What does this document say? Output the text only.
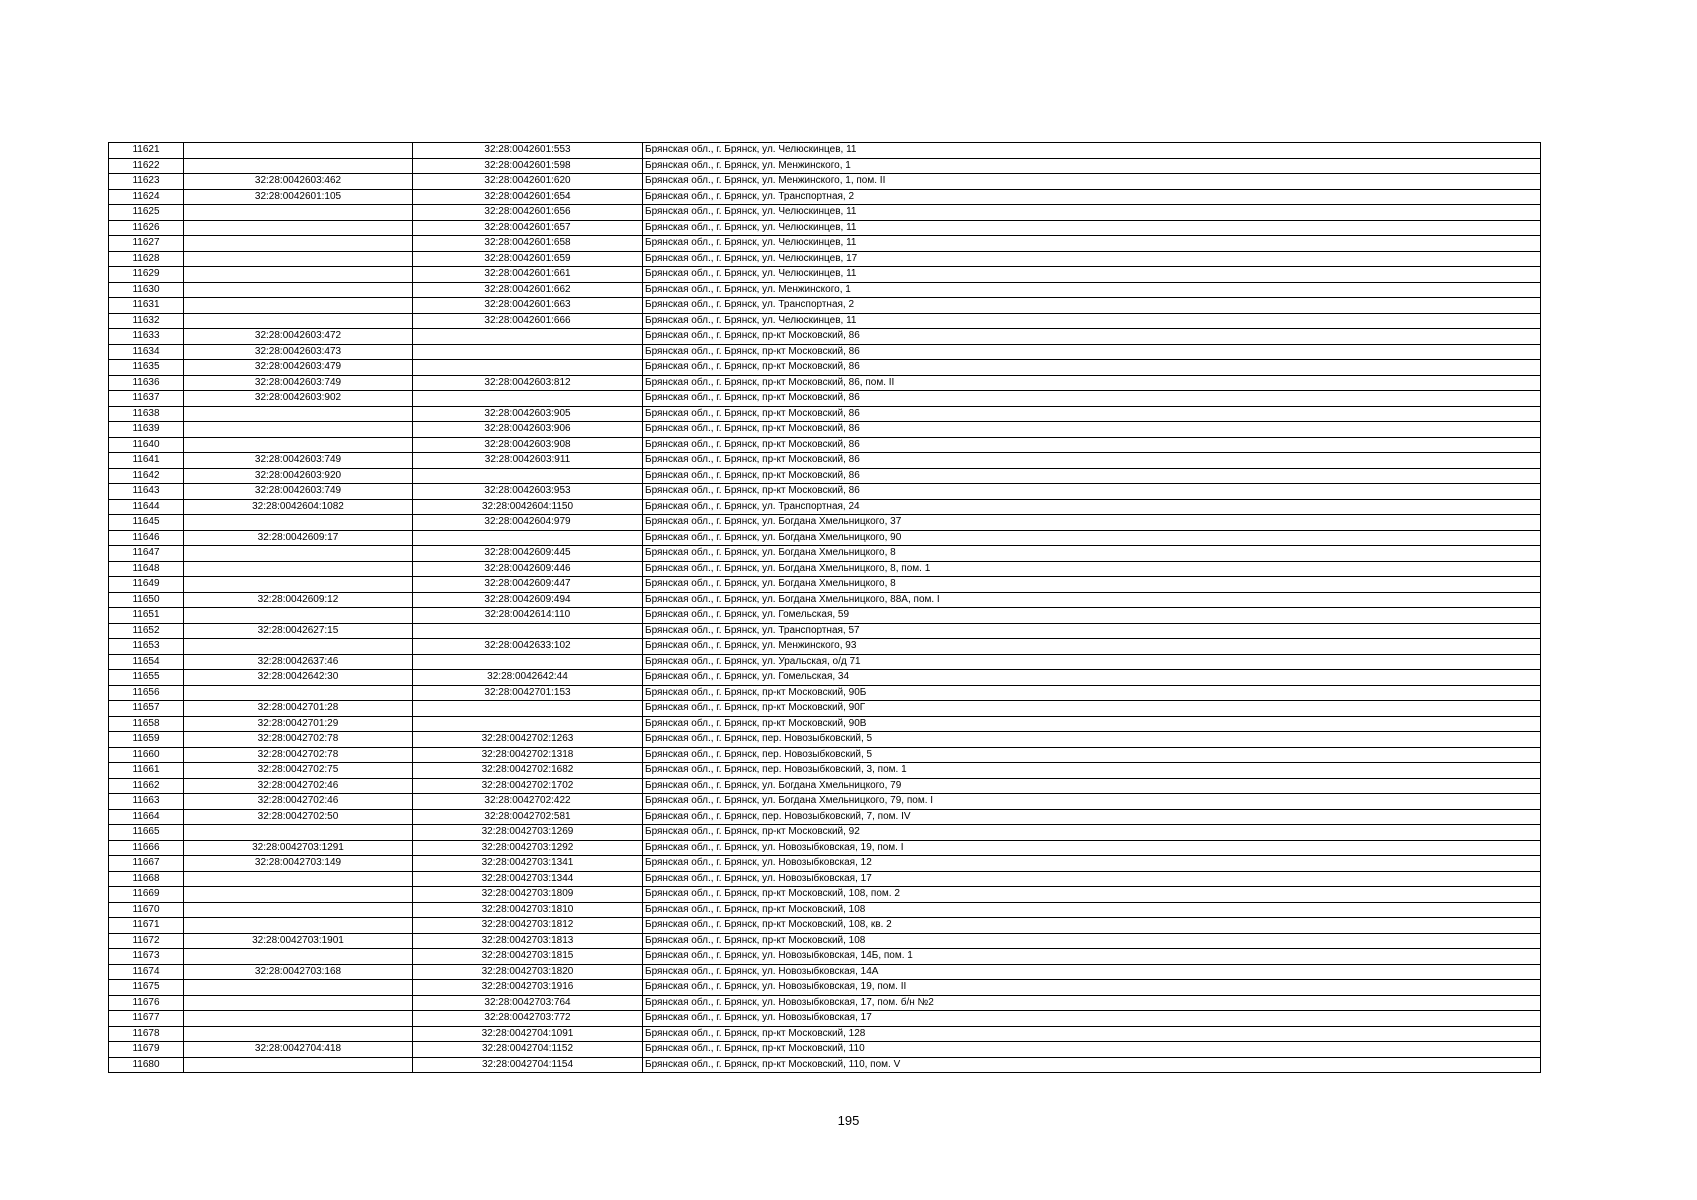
11621		32:28:0042601:553	Брянская обл., г. Брянск, ул. Челюскинцев, 11
11622		32:28:0042601:598	Брянская обл., г. Брянск, ул. Менжинского, 1
11623	32:28:0042603:462	32:28:0042601:620	Брянская обл., г. Брянск, ул. Менжинского, 1, пом. II
11624	32:28:0042601:105	32:28:0042601:654	Брянская обл., г. Брянск, ул. Транспортная, 2
11625		32:28:0042601:656	Брянская обл., г. Брянск, ул. Челюскинцев, 11
11626		32:28:0042601:657	Брянская обл., г. Брянск, ул. Челюскинцев, 11
11627		32:28:0042601:658	Брянская обл., г. Брянск, ул. Челюскинцев, 11
11628		32:28:0042601:659	Брянская обл., г. Брянск, ул. Челюскинцев, 17
11629		32:28:0042601:661	Брянская обл., г. Брянск, ул. Челюскинцев, 11
11630		32:28:0042601:662	Брянская обл., г. Брянск, ул. Менжинского, 1
11631		32:28:0042601:663	Брянская обл., г. Брянск, ул. Транспортная, 2
11632		32:28:0042601:666	Брянская обл., г. Брянск, ул. Челюскинцев, 11
11633	32:28:0042603:472		Брянская обл., г. Брянск, пр-кт Московский, 86
11634	32:28:0042603:473		Брянская обл., г. Брянск, пр-кт Московский, 86
11635	32:28:0042603:479		Брянская обл., г. Брянск, пр-кт Московский, 86
11636	32:28:0042603:749	32:28:0042603:812	Брянская обл., г. Брянск, пр-кт Московский, 86, пом. II
11637	32:28:0042603:902		Брянская обл., г. Брянск, пр-кт Московский, 86
11638		32:28:0042603:905	Брянская обл., г. Брянск, пр-кт Московский, 86
11639		32:28:0042603:906	Брянская обл., г. Брянск, пр-кт Московский, 86
11640		32:28:0042603:908	Брянская обл., г. Брянск, пр-кт Московский, 86
11641	32:28:0042603:749	32:28:0042603:911	Брянская обл., г. Брянск, пр-кт Московский, 86
11642	32:28:0042603:920		Брянская обл., г. Брянск, пр-кт Московский, 86
11643	32:28:0042603:749	32:28:0042603:953	Брянская обл., г. Брянск, пр-кт Московский, 86
11644	32:28:0042604:1082	32:28:0042604:1150	Брянская обл., г. Брянск, ул. Транспортная, 24
11645		32:28:0042604:979	Брянская обл., г. Брянск, ул. Богдана Хмельницкого, 37
11646	32:28:0042609:17		Брянская обл., г. Брянск, ул. Богдана Хмельницкого, 90
11647		32:28:0042609:445	Брянская обл., г. Брянск, ул. Богдана Хмельницкого, 8
11648		32:28:0042609:446	Брянская обл., г. Брянск, ул. Богдана Хмельницкого, 8, пом. 1
11649		32:28:0042609:447	Брянская обл., г. Брянск, ул. Богдана Хмельницкого, 8
11650	32:28:0042609:12	32:28:0042609:494	Брянская обл., г. Брянск, ул. Богдана Хмельницкого, 88А, пом. I
11651		32:28:0042614:110	Брянская обл., г. Брянск, ул. Гомельская, 59
11652	32:28:0042627:15		Брянская обл., г. Брянск, ул. Транспортная, 57
11653		32:28:0042633:102	Брянская обл., г. Брянск, ул. Менжинского, 93
11654	32:28:0042637:46		Брянская обл., г. Брянск, ул. Уральская, о/д 71
11655	32:28:0042642:30	32:28:0042642:44	Брянская обл., г. Брянск, ул. Гомельская, 34
11656		32:28:0042701:153	Брянская обл., г. Брянск, пр-кт Московский, 90Б
11657	32:28:0042701:28		Брянская обл., г. Брянск, пр-кт Московский, 90Г
11658	32:28:0042701:29		Брянская обл., г. Брянск, пр-кт Московский, 90В
11659	32:28:0042702:78	32:28:0042702:1263	Брянская обл., г. Брянск, пер. Новозыбковский, 5
11660	32:28:0042702:78	32:28:0042702:1318	Брянская обл., г. Брянск, пер. Новозыбковский, 5
11661	32:28:0042702:75	32:28:0042702:1682	Брянская обл., г. Брянск, пер. Новозыбковский, 3, пом. 1
11662	32:28:0042702:46	32:28:0042702:1702	Брянская обл., г. Брянск, ул. Богдана Хмельницкого, 79
11663	32:28:0042702:46	32:28:0042702:422	Брянская обл., г. Брянск, ул. Богдана Хмельницкого, 79, пом. I
11664	32:28:0042702:50	32:28:0042702:581	Брянская обл., г. Брянск, пер. Новозыбковский, 7, пом. IV
11665		32:28:0042703:1269	Брянская обл., г. Брянск, пр-кт Московский, 92
11666	32:28:0042703:1291	32:28:0042703:1292	Брянская обл., г. Брянск, ул. Новозыбковская, 19, пом. I
11667	32:28:0042703:149	32:28:0042703:1341	Брянская обл., г. Брянск, ул. Новозыбковская, 12
11668		32:28:0042703:1344	Брянская обл., г. Брянск, ул. Новозыбковская, 17
11669		32:28:0042703:1809	Брянская обл., г. Брянск, пр-кт Московский, 108, пом. 2
11670		32:28:0042703:1810	Брянская обл., г. Брянск, пр-кт Московский, 108
11671		32:28:0042703:1812	Брянская обл., г. Брянск, пр-кт Московский, 108, кв. 2
11672	32:28:0042703:1901	32:28:0042703:1813	Брянская обл., г. Брянск, пр-кт Московский, 108
11673		32:28:0042703:1815	Брянская обл., г. Брянск, ул. Новозыбковская, 14Б, пом. 1
11674	32:28:0042703:168	32:28:0042703:1820	Брянская обл., г. Брянск, ул. Новозыбковская, 14А
11675		32:28:0042703:1916	Брянская обл., г. Брянск, ул. Новозыбковская, 19, пом. II
11676		32:28:0042703:764	Брянская обл., г. Брянск, ул. Новозыбковская, 17, пом. б/н №2
11677		32:28:0042703:772	Брянская обл., г. Брянск, ул. Новозыбковская, 17
11678		32:28:0042704:1091	Брянская обл., г. Брянск, пр-кт Московский, 128
11679	32:28:0042704:418	32:28:0042704:1152	Брянская обл., г. Брянск, пр-кт Московский, 110
11680		32:28:0042704:1154	Брянская обл., г. Брянск, пр-кт Московский, 110, пом. V
195
